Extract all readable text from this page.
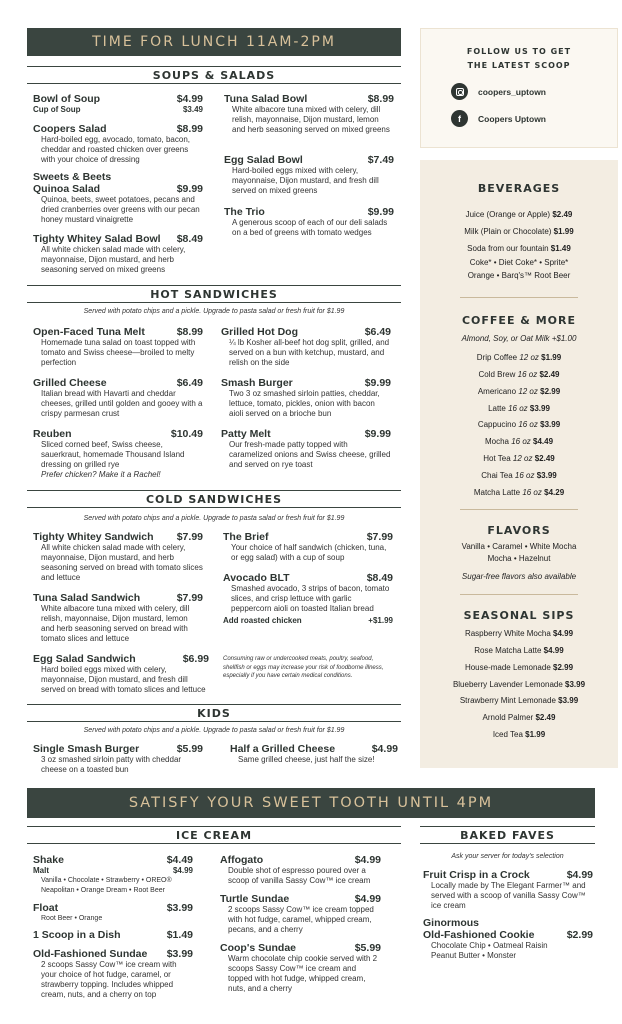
TIME FOR LUNCH 11AM-2PM
SOUPS & SALADS
Bowl of Soup	$4.99
Cup of Soup	$3.49
Coopers Salad	$8.99
Hard-boiled egg, avocado, tomato, bacon, cheddar and roasted chicken over greens with your choice of dressing
Sweets & Beets
Quinoa Salad	$9.99
Quinoa, beets, sweet potatoes, pecans and dried cranberries over greens with our pecan honey mustard vinaigrette
Tighty Whitey Salad Bowl $8.49
All white chicken salad made with celery, mayonnaise, Dijon mustard, and herb seasoning served on mixed greens
Tuna Salad Bowl	$8.99
White albacore tuna mixed with celery, dill relish, mayonnaise, Dijon mustard, lemon and herb seasoning served on mixed greens
Egg Salad Bowl	$7.49
Hard-boiled eggs mixed with celery, mayonnaise, Dijon mustard, and fresh dill served on mixed greens
The Trio	$9.99
A generous scoop of each of our deli salads on a bed of greens with tomato wedges
HOT SANDWICHES
Served with potato chips and a pickle. Upgrade to pasta salad or fresh fruit for $1.99
Open-Faced Tuna Melt	$8.99
Homemade tuna salad on toast topped with tomato and Swiss cheese—broiled to melty perfection
Grilled Cheese	$6.49
Italian bread with Havarti and cheddar cheeses, grilled until golden and gooey with a crispy parmesan crust
Reuben	$10.49
Sliced corned beef, Swiss cheese, sauerkraut, homemade Thousand Island dressing on grilled rye
Prefer chicken? Make it a Rachel!
Grilled Hot Dog	$6.49
¼ lb Kosher all-beef hot dog split, grilled, and served on a bun with ketchup, mustard, and relish on the side
Smash Burger	$9.99
Two 3 oz smashed sirloin patties, cheddar, lettuce, tomato, pickles, onion with bacon aioli served on a brioche bun
Patty Melt	$9.99
Our fresh-made patty topped with caramelized onions and Swiss cheese, grilled and served on rye toast
COLD SANDWICHES
Served with potato chips and a pickle. Upgrade to pasta salad or fresh fruit for $1.99
Tighty Whitey Sandwich $7.99
All white chicken salad made with celery, mayonnaise, Dijon mustard, and herb seasoning served on bread with tomato slices and lettuce
Tuna Salad Sandwich	$7.99
White albacore tuna mixed with celery, dill relish, mayonnaise, Dijon mustard, lemon and herb seasoning served on bread with tomato slices and lettuce
Egg Salad Sandwich	$6.99
Hard boiled eggs mixed with celery, mayonnaise, Dijon mustard, and fresh dill served on bread with tomato slices and lettuce
The Brief	$7.99
Your choice of half sandwich (chicken, tuna, or egg salad) with a cup of soup
Avocado BLT	$8.49
Smashed avocado, 3 strips of bacon, tomato slices, and crisp lettuce with garlic peppercorn aioli on toasted Italian bread
Add roasted chicken	+$1.99
Consuming raw or undercooked meats, poultry, seafood, shellfish or eggs may increase your risk of foodborne illness, especially if you have certain medical conditions.
KIDS
Served with potato chips and a pickle. Upgrade to pasta salad or fresh fruit for $1.99
Single Smash Burger	$5.99
3 oz smashed sirloin patty with cheddar cheese on a toasted bun
Half a Grilled Cheese	$4.99
Same grilled cheese, just half the size!
FOLLOW US TO GET
THE LATEST SCOOP
coopers_uptown
f	Coopers Uptown
BEVERAGES
Juice (Orange or Apple) $2.49
Milk (Plain or Chocolate) $1.99
Soda from our fountain $1.49
Coke* • Diet Coke* • Sprite*
Orange • Barq's™ Root Beer
COFFEE & MORE
Almond, Soy, or Oat Milk +$1.00
Drip Coffee 12 oz $1.99
Cold Brew 16 oz $2.49
Americano 12 oz $2.99
Latte 16 oz $3.99
Cappucino 16 oz $3.99
Mocha 16 oz $4.49
Hot Tea 12 oz $2.49
Chai Tea 16 oz $3.99
Matcha Latte 16 oz $4.29
FLAVORS
Vanilla • Caramel • White Mocha
Mocha • Hazelnut
Sugar-free flavors also available
SEASONAL SIPS
Raspberry White Mocha $4.99
Rose Matcha Latte $4.99
House-made Lemonade $2.99
Blueberry Lavender Lemonade $3.99
Strawberry Mint Lemonade $3.99
Arnold Palmer $2.49
Iced Tea $1.99
SATISFY YOUR SWEET TOOTH UNTIL 4PM
ICE CREAM
Shake	$4.49
Malt	$4.99
Vanilla • Chocolate • Strawberry • OREO®
Neapolitan • Orange Dream • Root Beer
Float	$3.99
Root Beer • Orange
1 Scoop in a Dish	$1.49
Old-Fashioned Sundae $3.99
2 scoops Sassy Cow™ ice cream with your choice of hot fudge, caramel, or strawberry topping. Includes whipped cream, nuts, and a cherry on top
Affogato	$4.99
Double shot of espresso poured over a scoop of vanilla Sassy Cow™ ice cream
Turtle Sundae	$4.99
2 scoops Sassy Cow™ ice cream topped with hot fudge, caramel, whipped cream, pecans, and a cherry
Coop's Sundae	$5.99
Warm chocolate chip cookie served with 2 scoops Sassy Cow™ ice cream and topped with hot fudge, whipped cream, nuts, and a cherry
BAKED FAVES
Ask your server for today's selection
Fruit Crisp in a Crock	$4.99
Locally made by The Elegant Farmer™ and served with a scoop of vanilla Sassy Cow™ ice cream
Ginormous
Old-Fashioned Cookie	$2.99
Chocolate Chip • Oatmeal Raisin
Peanut Butter • Monster
